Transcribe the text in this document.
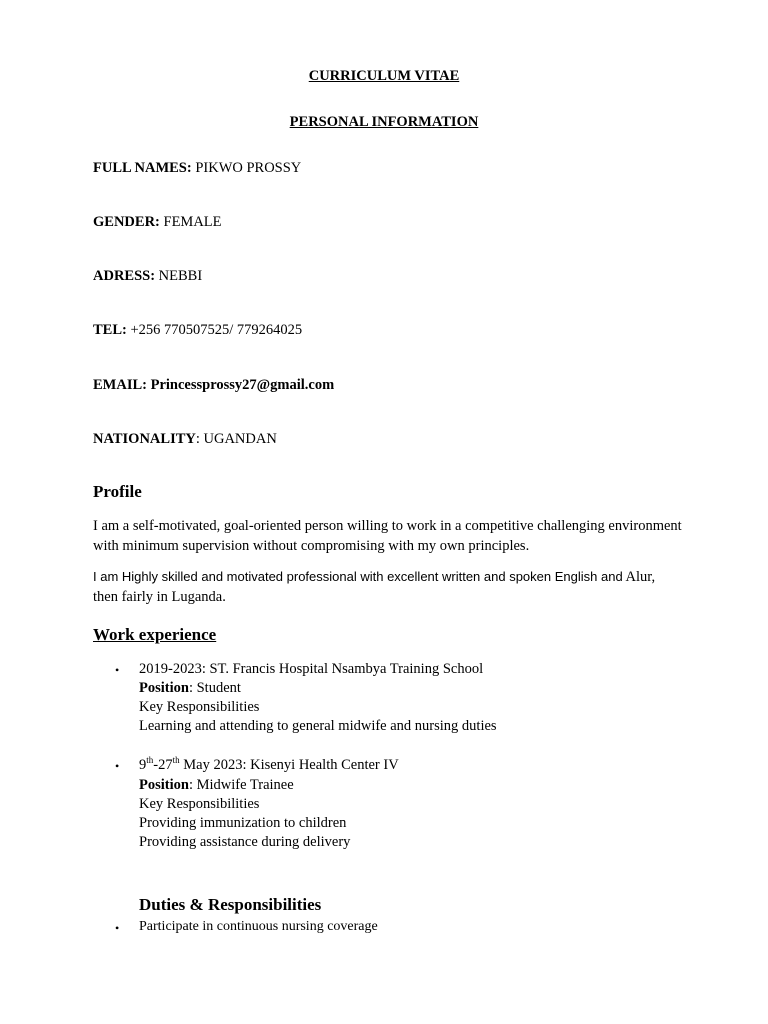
CURRICULUM VITAE
PERSONAL INFORMATION
FULL NAMES: PIKWO PROSSY
GENDER: FEMALE
ADRESS: NEBBI
TEL: +256 770507525/ 779264025
EMAIL: Princessprossy27@gmail.com
NATIONALITY: UGANDAN
Profile
I am a self-motivated, goal-oriented person willing to work in a competitive challenging environment with minimum supervision without compromising with my own principles.
I am Highly skilled and motivated professional with excellent written and spoken English and Alur, then fairly in Luganda.
Work experience
• 2019-2023: ST. Francis Hospital Nsambya Training School
Position: Student
Key Responsibilities
Learning and attending to general midwife and nursing duties
• 9th-27th May 2023: Kisenyi Health Center IV
Position: Midwife Trainee
Key Responsibilities
Providing immunization to children
Providing assistance during delivery
Duties & Responsibilities
• Participate in continuous nursing coverage
